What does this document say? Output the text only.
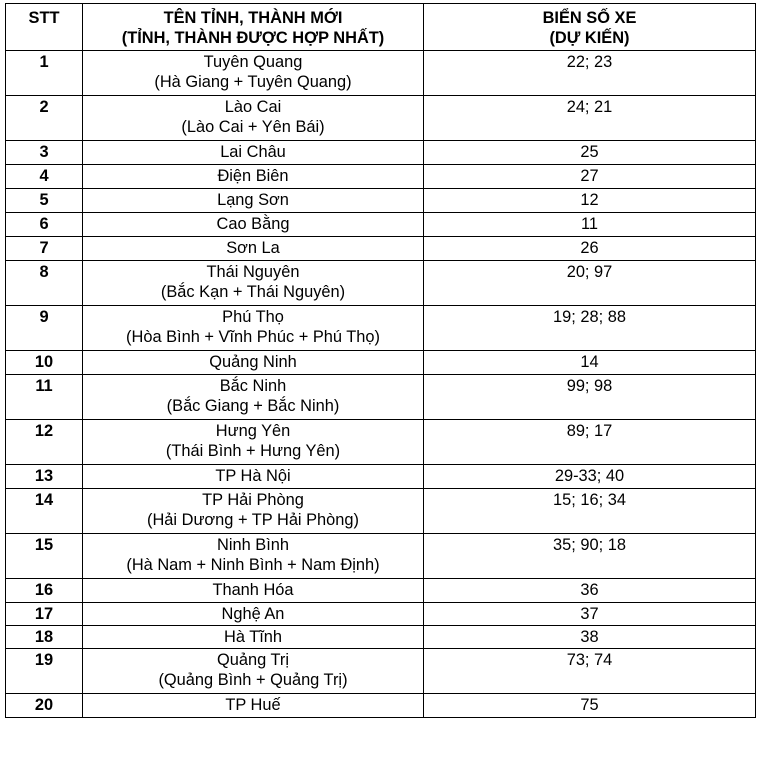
STT	TÊN TỈNH, THÀNH MỚI
(TỈNH, THÀNH ĐƯỢC HỢP NHẤT)	BIỂN SỐ XE
(DỰ KIẾN)

1	Tuyên Quang
(Hà Giang + Tuyên Quang)	22; 23

2	Lào Cai
(Lào Cai + Yên Bái)	24; 21

3	Lai Châu	25

4	Điện Biên	27

5	Lạng Sơn	12

6	Cao Bằng	11

7	Sơn La	26

8	Thái Nguyên
(Bắc Kạn + Thái Nguyên)	20; 97

9	Phú Thọ
(Hòa Bình + Vĩnh Phúc + Phú Thọ)	19; 28; 88

10	Quảng Ninh	14

11	Bắc Ninh
(Bắc Giang + Bắc Ninh)	99; 98

12	Hưng Yên
(Thái Bình + Hưng Yên)	89; 17

13	TP Hà Nội	29-33; 40

14	TP Hải Phòng
(Hải Dương + TP Hải Phòng)	15; 16; 34

15	Ninh Bình
(Hà Nam + Ninh Bình + Nam Định)	35; 90; 18

16	Thanh Hóa	36

17	Nghệ An	37

18	Hà Tĩnh	38

19	Quảng Trị
(Quảng Bình + Quảng Trị)	73; 74

20	TP Huế	75
